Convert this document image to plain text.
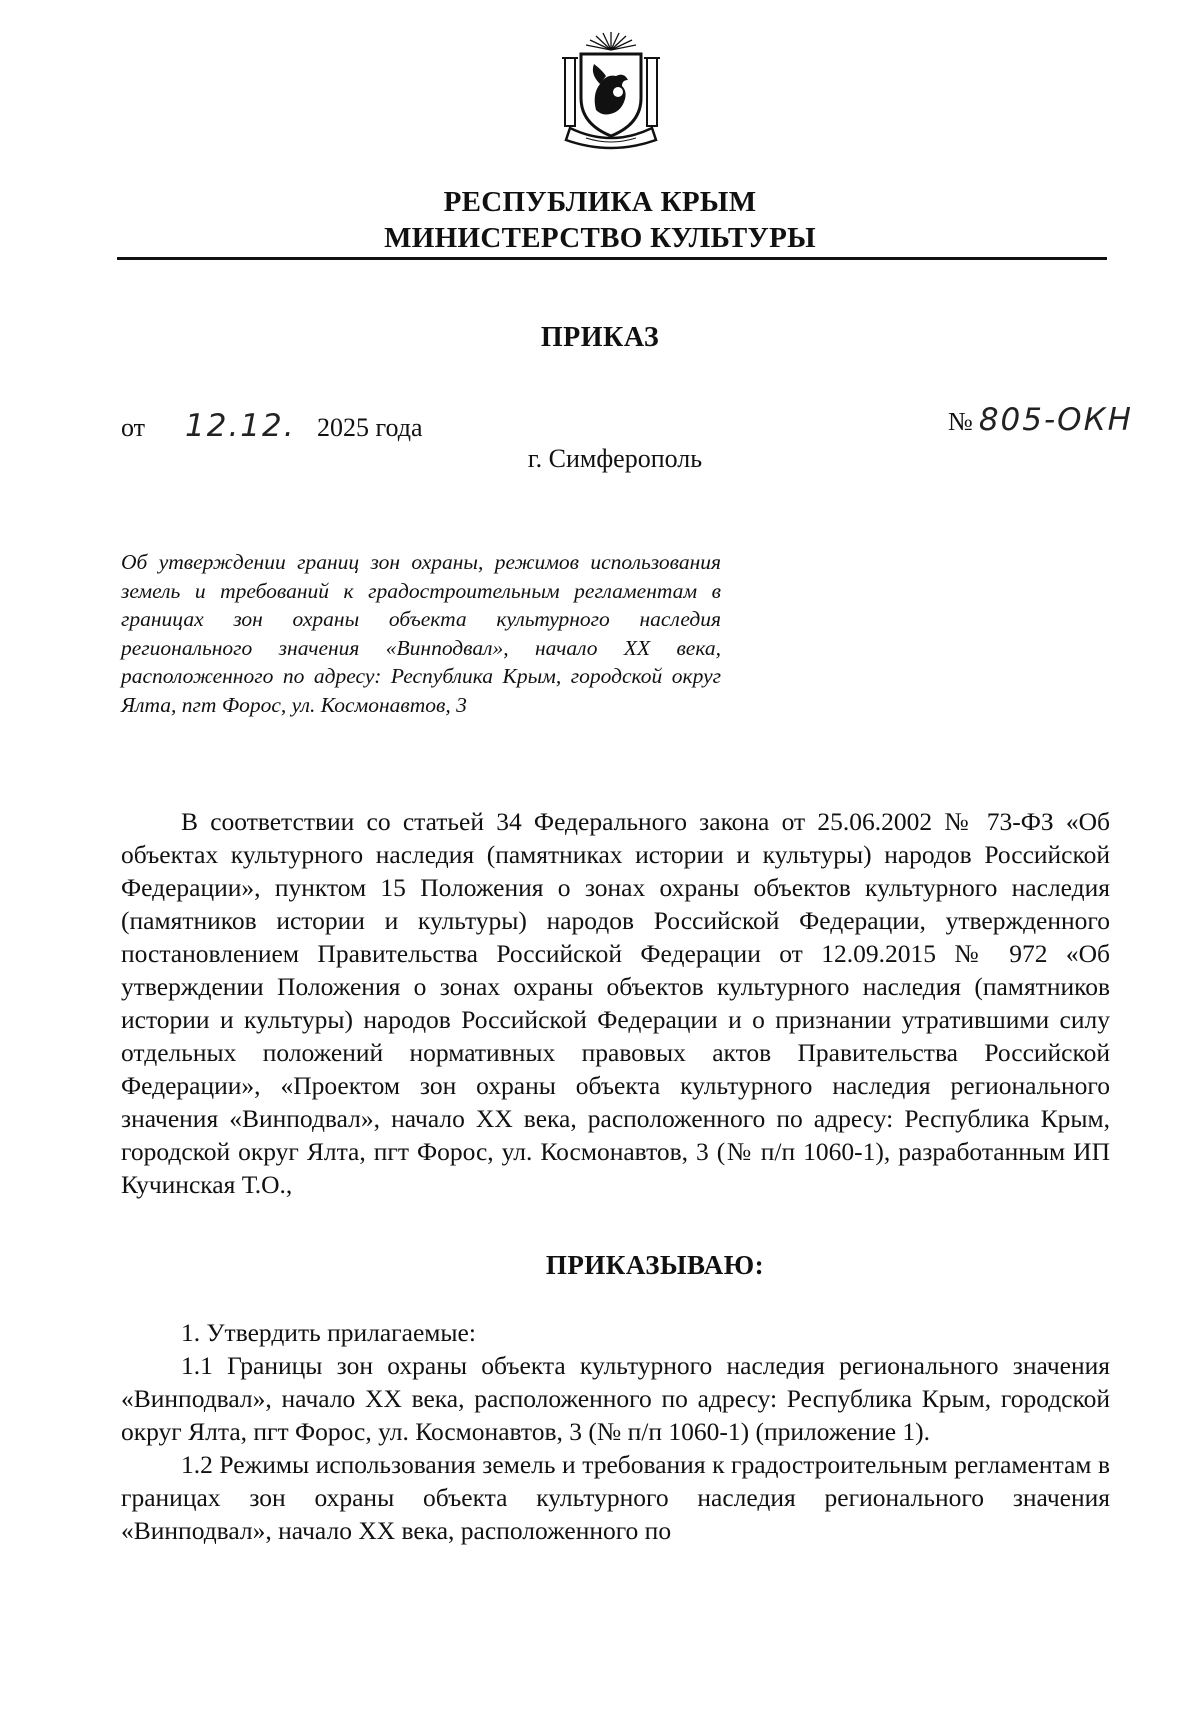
РЕСПУБЛИКА КРЫМ
МИНИСТЕРСТВО КУЛЬТУРЫ
ПРИКАЗ
от 12.12. 2025 года	№ 805-ОКН
г. Симферополь
Об утверждении границ зон охраны, режимов использования земель и требований к градостроительным регламентам в границах зон охраны объекта культурного наследия регионального значения «Винподвал», начало XX века, расположенного по адресу: Республика Крым, городской округ Ялта, пгт Форос, ул. Космонавтов, 3

В соответствии со статьей 34 Федерального закона от 25.06.2002 № 73-ФЗ «Об объектах культурного наследия (памятниках истории и культуры) народов Российской Федерации», пунктом 15 Положения о зонах охраны объектов культурного наследия (памятников истории и культуры) народов Российской Федерации, утвержденного постановлением Правительства Российской Федерации от 12.09.2015 № 972 «Об утверждении Положения о зонах охраны объектов культурного наследия (памятников истории и культуры) народов Российской Федерации и о признании утратившими силу отдельных положений нормативных правовых актов Правительства Российской Федерации», «Проектом зон охраны объекта культурного наследия регионального значения «Винподвал», начало XX века, расположенного по адресу: Республика Крым, городской округ Ялта, пгт Форос, ул. Космонавтов, 3 (№ п/п 1060-1), разработанным ИП Кучинская Т.О.,

ПРИКАЗЫВАЮ:

1. Утвердить прилагаемые:

1.1 Границы зон охраны объекта культурного наследия регионального значения «Винподвал», начало XX века, расположенного по адресу: Республика Крым, городской округ Ялта, пгт Форос, ул. Космонавтов, 3 (№ п/п 1060-1) (приложение 1).

1.2 Режимы использования земель и требования к градостроительным регламентам в границах зон охраны объекта культурного наследия регионального значения «Винподвал», начало XX века, расположенного по
